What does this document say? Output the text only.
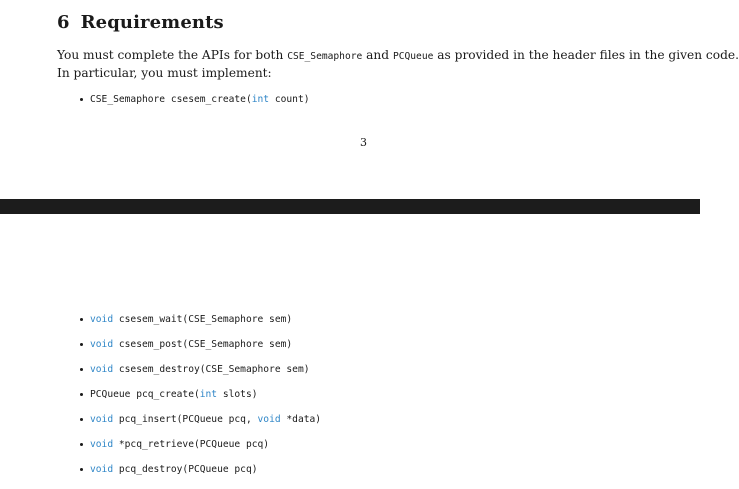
6 Requirements
You must complete the APIs for both CSE_Semaphore and PCQueue as provided in the header files in the given code.
In particular, you must implement:
CSE_Semaphore csesem_create(int count)
3
void csesem_wait(CSE_Semaphore sem)
void csesem_post(CSE_Semaphore sem)
void csesem_destroy(CSE_Semaphore sem)
PCQueue pcq_create(int slots)
void pcq_insert(PCQueue pcq, void *data)
void *pcq_retrieve(PCQueue pcq)
void pcq_destroy(PCQueue pcq)
